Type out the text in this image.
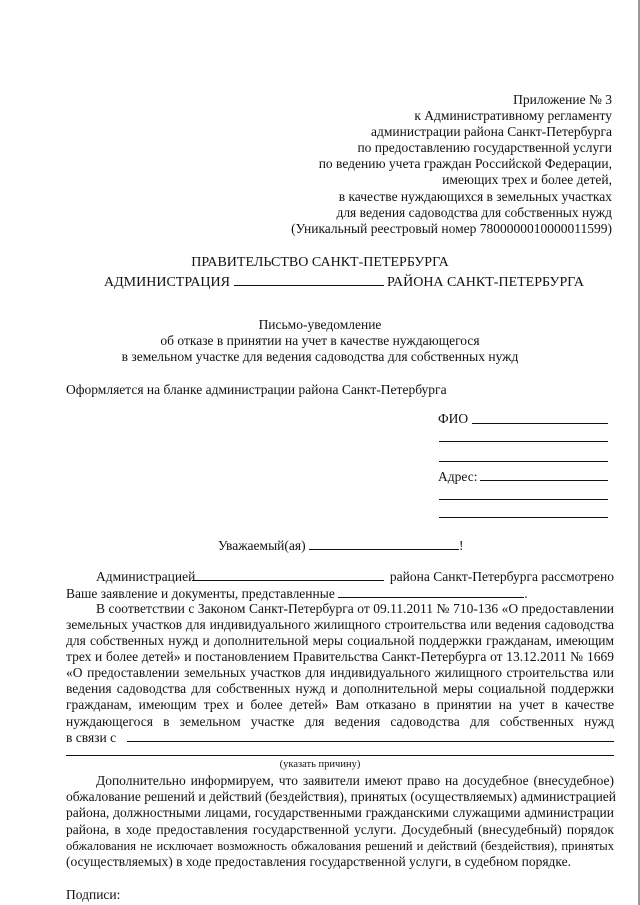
Приложение № 3
к Административному регламенту
администрации района Санкт-Петербурга
по предоставлению государственной услуги
по ведению учета граждан Российской Федерации,
имеющих трех и более детей,
в качестве нуждающихся в земельных участках
для ведения садоводства для собственных нужд
(Уникальный реестровый номер 7800000010000011599)
ПРАВИТЕЛЬСТВО САНКТ-ПЕТЕРБУРГА
АДМИНИСТРАЦИЯ	РАЙОНА САНКТ-ПЕТЕРБУРГА
Письмо-уведомление
об отказе в принятии на учет в качестве нуждающегося
в земельном участке для ведения садоводства для собственных нужд
Оформляется на бланке администрации района Санкт-Петербурга
ФИО
Адрес:
Уважаемый(ая)	!
Администрацией	района Санкт-Петербурга рассмотрено
Ваше заявление и документы, представленные	.
В соответствии с Законом Санкт-Петербурга от 09.11.2011 № 710-136 «О предоставлении
земельных участков для индивидуального жилищного строительства или ведения садоводства
для собственных нужд и дополнительной меры социальной поддержки гражданам, имеющим
трех и более детей» и постановлением Правительства Санкт-Петербурга от 13.12.2011 № 1669
«О предоставлении земельных участков для индивидуального жилищного строительства или
ведения садоводства для собственных нужд и дополнительной меры социальной поддержки
гражданам, имеющим трех и более детей» Вам отказано в принятии на учет в качестве
нуждающегося в земельном участке для ведения садоводства для собственных нужд
в связи с
(указать причину)
Дополнительно информируем, что заявители имеют право на досудебное (внесудебное)
обжалование решений и действий (бездействия), принятых (осуществляемых) администрацией
района, должностными лицами, государственными гражданскими служащими администрации
района, в ходе предоставления государственной услуги. Досудебный (внесудебный) порядок
обжалования не исключает возможность обжалования решений и действий (бездействия), принятых
(осуществляемых) в ходе предоставления государственной услуги, в судебном порядке.
Подписи:
